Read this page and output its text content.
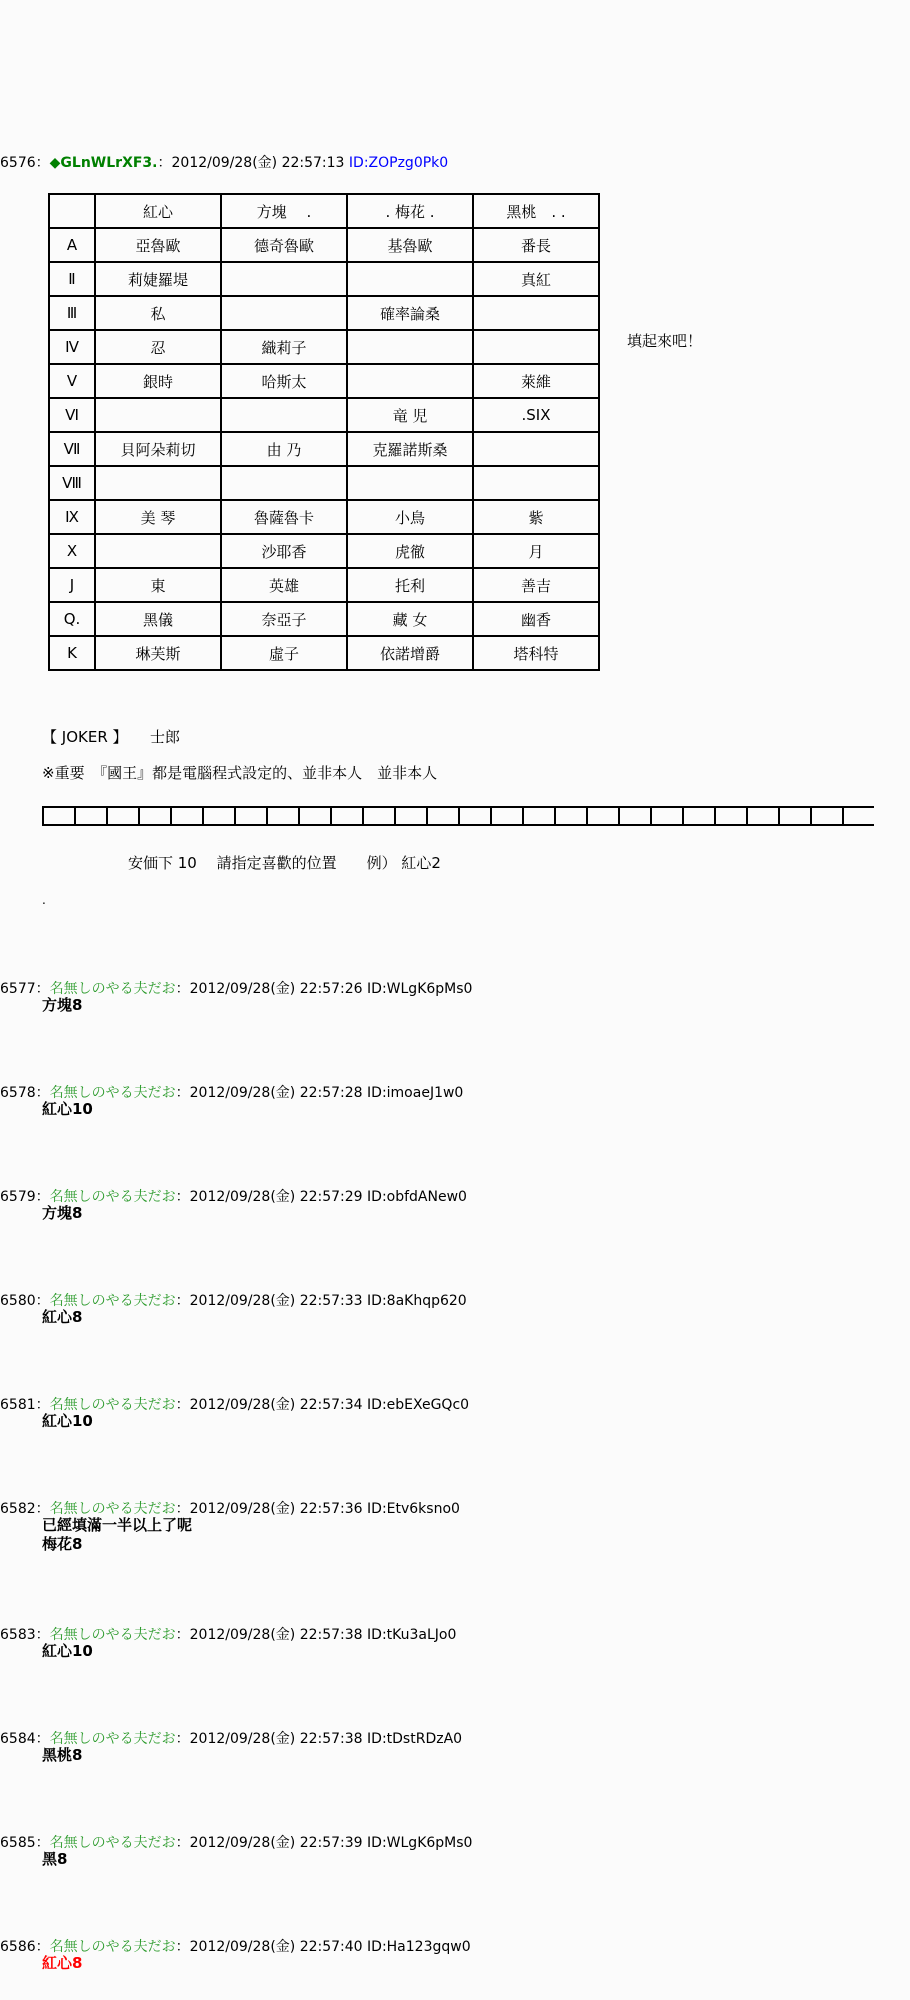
6576：◆GLnWLrXF3.：2012/09/28(金) 22:57:13 ID:ZOPzg0Pk0
	紅心	方塊　 .	. 梅花 .	黑桃　. .
A	亞魯歐	德奇魯歐	基魯歐	番長
Ⅱ	莉婕羅堤			真紅
Ⅲ	私		確率論桑	
Ⅳ	忍	織莉子		
Ⅴ	銀時	哈斯太		萊維
Ⅵ			竜 児	.SIX
Ⅶ	貝阿朵莉切	由 乃	克羅諾斯桑	
Ⅷ				
Ⅸ	美 琴	魯薩魯卡	小鳥	紫
Ⅹ		沙耶香	虎徹	月
J	東	英雄	托利	善吉
Q.	黑儀	奈亞子	藏 女	幽香
K	琳芙斯	虛子	依諾增爵	塔科特
填起來吧！
【 JOKER 】　　士郎
※重要　『國王』都是電腦程式設定的、並非本人　並非本人
安価下 10　 請指定喜歡的位置　　例） 紅心2
.
6577：名無しのやる夫だお：2012/09/28(金) 22:57:26 ID:WLgK6pMs0
方塊8
6578：名無しのやる夫だお：2012/09/28(金) 22:57:28 ID:imoaeJ1w0
紅心10
6579：名無しのやる夫だお：2012/09/28(金) 22:57:29 ID:obfdANew0
方塊8
6580：名無しのやる夫だお：2012/09/28(金) 22:57:33 ID:8aKhqp620
紅心8
6581：名無しのやる夫だお：2012/09/28(金) 22:57:34 ID:ebEXeGQc0
紅心10
6582：名無しのやる夫だお：2012/09/28(金) 22:57:36 ID:Etv6ksno0
已經填滿一半以上了呢
梅花8
6583：名無しのやる夫だお：2012/09/28(金) 22:57:38 ID:tKu3aLJo0
紅心10
6584：名無しのやる夫だお：2012/09/28(金) 22:57:38 ID:tDstRDzA0
黑桃8
6585：名無しのやる夫だお：2012/09/28(金) 22:57:39 ID:WLgK6pMs0
黑8
6586：名無しのやる夫だお：2012/09/28(金) 22:57:40 ID:Ha123gqw0
紅心8
